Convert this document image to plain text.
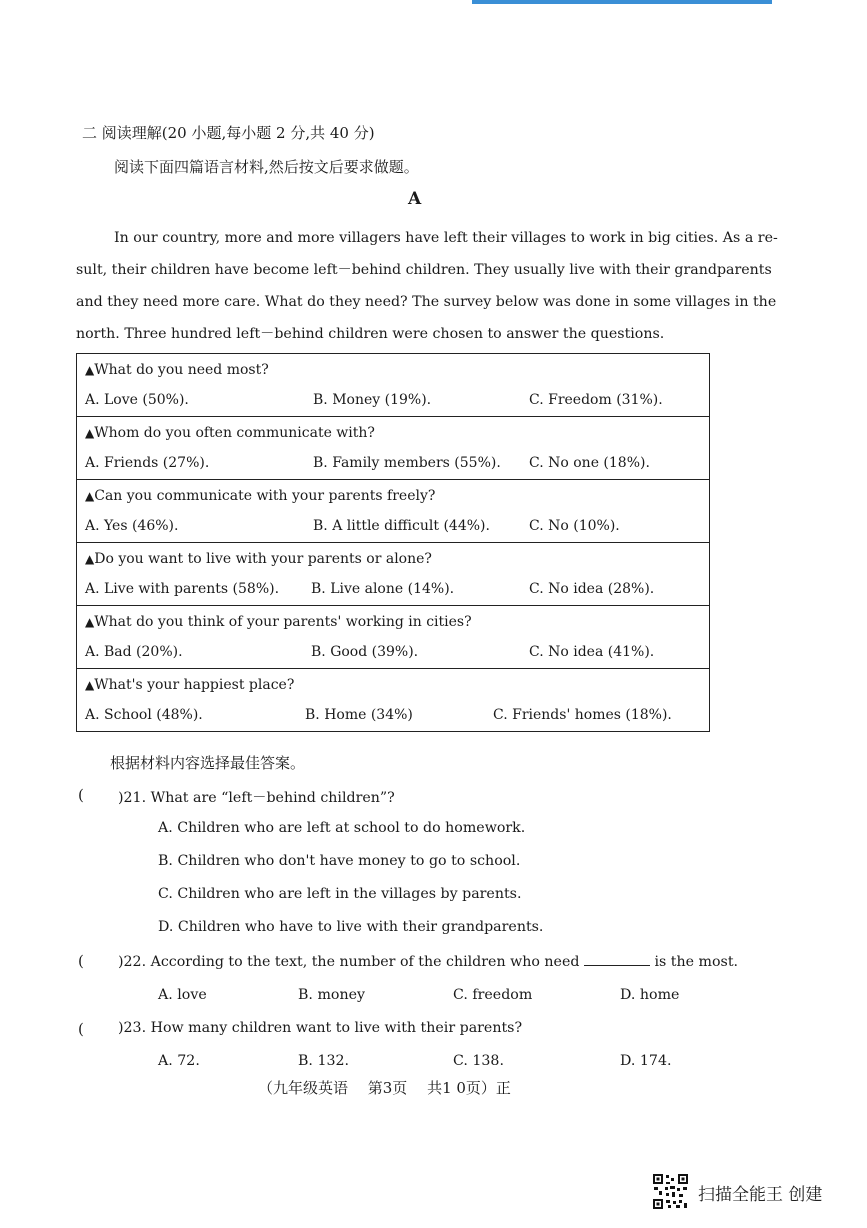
二 阅读理解(20 小题,每小题 2 分,共 40 分)
阅读下面四篇语言材料,然后按文后要求做题。
A
In our country, more and more villagers have left their villages to work in big cities. As a re-
sult, their children have become left－behind children. They usually live with their grandparents
and they need more care. What do they need? The survey below was done in some villages in the
north. Three hundred left－behind children were chosen to answer the questions.
▲What do you need most?
A. Love (50%).	B. Money (19%).	C. Freedom (31%).

▲Whom do you often communicate with?
A. Friends (27%).	B. Family members (55%). C. No one (18%).

▲Can you communicate with your parents freely?
A. Yes (46%).	B. A little difficult (44%).	C. No (10%).

▲Do you want to live with your parents or alone?
A. Live with parents (58%). B. Live alone (14%).	C. No idea (28%).

▲What do you think of your parents' working in cities?
A. Bad (20%).	B. Good (39%).	C. No idea (41%).

▲What's your happiest place?
A. School (48%).	B. Home (34%)	C. Friends' homes (18%).
根据材料内容选择最佳答案。
( )21. What are “left－behind children”?
A. Children who are left at school to do homework.
B. Children who don't have money to go to school.
C. Children who are left in the villages by parents.
D. Children who have to live with their grandparents.
( )22. According to the text, the number of the children who need	is the most.
A. love	B. money	C. freedom	D. home
( )23. How many children want to live with their parents?
A. 72.	B. 132.	C. 138.	D. 174.
（九年级英语　 第3页　 共1 0页）正
扫描全能王 创建
